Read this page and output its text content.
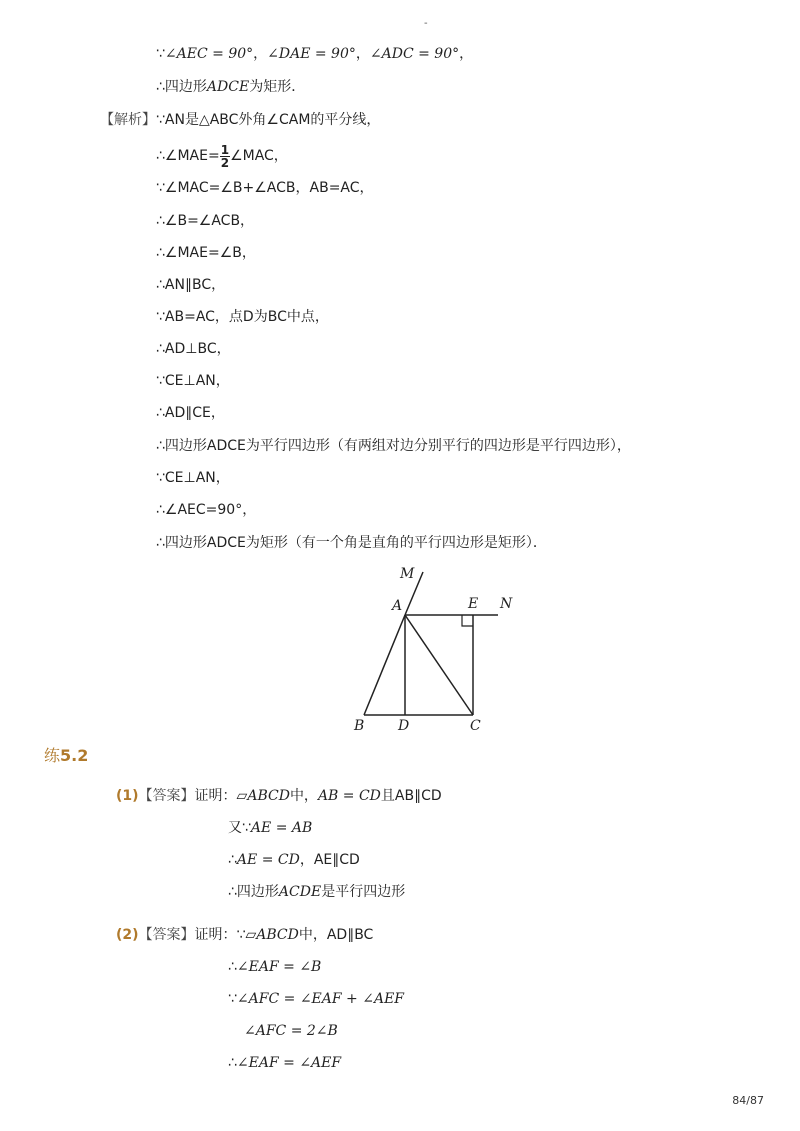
-
∵∠AEC = 90°，∠DAE = 90°，∠ADC = 90°，
∴四边形ADCE为矩形．
【解析】∵AN是△ABC外角∠CAM的平分线，
∴∠MAE= $\frac{1}{2}$ ∠MAC，
∵∠MAC=∠B+∠ACB，AB=AC，
∴∠B=∠ACB，
∴∠MAE=∠B，
∴AN∥BC，
∵AB=AC，点D为BC中点，
∴AD⊥BC，
∵CE⊥AN，
∴AD∥CE，
∴四边形ADCE为平行四边形（有两组对边分别平行的四边形是平行四边形），
∵CE⊥AN，
∴∠AEC=90°，
∴四边形ADCE为矩形（有一个角是直角的平行四边形是矩形）．
M
A	E N
B D	C
练5.2
(1)【答案】证明：▱ABCD中，AB = CD且AB∥CD
又∵AE = AB
∴AE = CD，AE∥CD
∴四边形ACDE是平行四边形
(2)【答案】证明：∵▱ABCD中，AD∥BC
∴∠EAF = ∠B
∵∠AFC = ∠EAF + ∠AEF
∠AFC = 2∠B
∴∠EAF = ∠AEF
84/87
